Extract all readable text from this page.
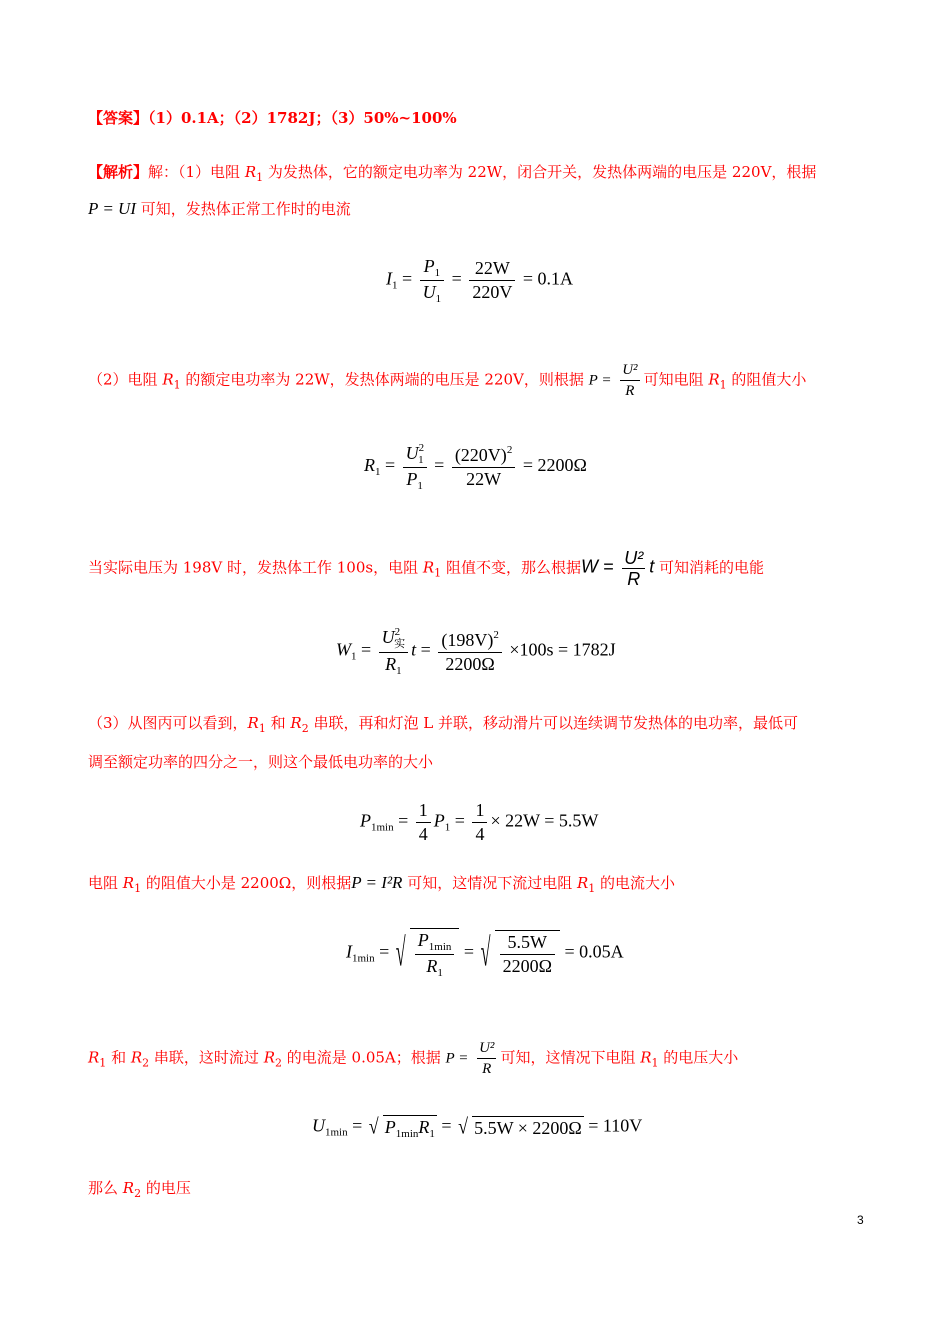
【答案】（1）0.1A；（2）1782J；（3）50%~100%
【解析】解：（1）电阻 $R_1$ 为发热体，它的额定电功率为 22W，闭合开关，发热体两端的电压是 220V，根据
P = UI 可知，发热体正常工作时的电流
$I_1 = \frac{P_1}{U_1} = \frac{22W}{220V} = 0.1A$
（2）电阻 $R_1$ 的额定电功率为 22W，发热体两端的电压是 220V，则根据 $P = \frac{\text{U²}}{R}$ 可知电阻 $R_1$ 的阻值大小
$R_1 = \frac{U^2_1}{P_1} = \frac{(220V)^2}{22W} = 2200\Omega$
当实际电压为 198V 时，发热体工作 100s，电阻 $R_1$ 阻值不变，那么根据$W = \frac{\text{U²}}{R}$ t 可知消耗的电能
$W_1 = \frac{U^2_实}{R_1}$ $t = \frac{(198V)^2}{2200\Omega} \times 100s = 1782J$
（3）从图丙可以看到，$R_1$ 和 $R_2$ 串联，再和灯泡 L 并联，移动滑片可以连续调节发热体的电功率，最低可
调至额定功率的四分之一，则这个最低电功率的大小
$P_{1min} = \frac{1}{4} P_1 = \frac{1}{4} \times 22W = 5.5W$
电阻 $R_1$ 的阻值大小是 2200Ω，则根据P = I²R 可知，这情况下流过电阻 $R_1$ 的电流大小
$I_{1min}$ = √ $\frac{P_{1min}}{R_1}$ = √ $\frac{5.5W}{2200\Omega} = 0.05A$
$R_1$ 和 $R_2$ 串联，这时流过 $R_2$ 的电流是 0.05A；根据 $P = \frac{\text{U²}}{R}$ 可知，这情况下电阻 $R_1$ 的电压大小
$U_{1min}$ = √ $P_{1min}R_1$ = √ 5.5W × 2200Ω = 110V
那么 $R_2$ 的电压
3
